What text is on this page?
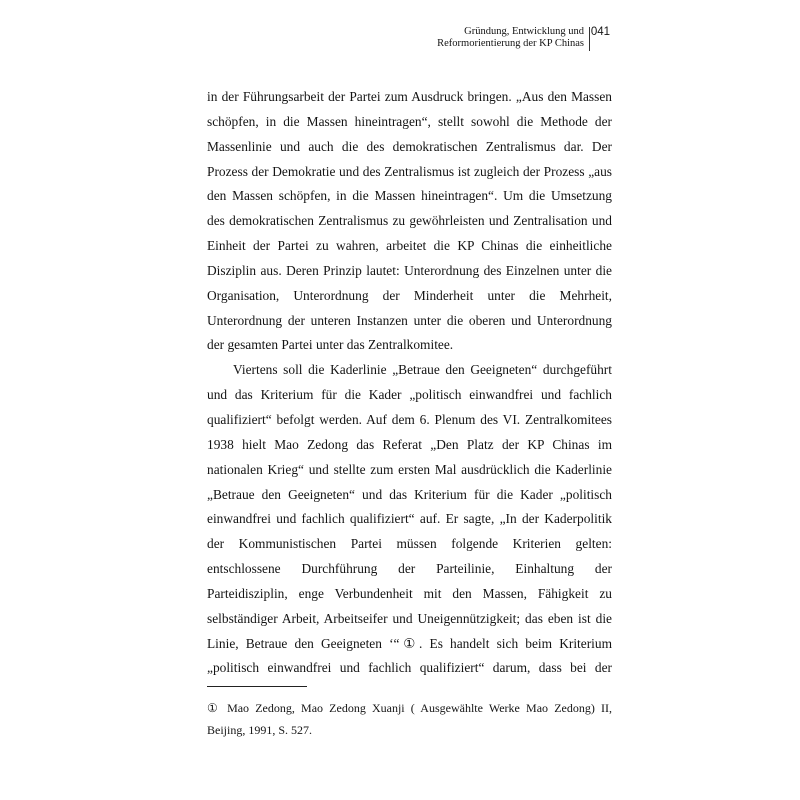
Gründung, Entwicklung und
Reformorientierung der KP Chinas
041
in der Führungsarbeit der Partei zum Ausdruck bringen. „Aus den Massen
schöpfen, in die Massen hineintragen“, stellt sowohl die Methode der
Massenlinie und auch die des demokratischen Zentralismus dar. Der
Prozess der Demokratie und des Zentralismus ist zugleich der Prozess „aus
den Massen schöpfen, in die Massen hineintragen“. Um die Umsetzung
des demokratischen Zentralismus zu gewöhrleisten und Zentralisation und
Einheit der Partei zu wahren, arbeitet die KP Chinas die einheitliche
Disziplin aus. Deren Prinzip lautet: Unterordnung des Einzelnen unter die
Organisation, Unterordnung der Minderheit unter die Mehrheit,
Unterordnung der unteren Instanzen unter die oberen und Unterordnung
der gesamten Partei unter das Zentralkomitee.
Viertens soll die Kaderlinie „Betraue den Geeigneten“ durchgeführt
und das Kriterium für die Kader „politisch einwandfrei und fachlich
qualifiziert“ befolgt werden. Auf dem 6. Plenum des VI. Zentralkomitees
1938 hielt Mao Zedong das Referat „Den Platz der KP Chinas im
nationalen Krieg“ und stellte zum ersten Mal ausdrücklich die Kaderlinie
„Betraue den Geeigneten“ und das Kriterium für die Kader „politisch
einwandfrei und fachlich qualifiziert“ auf. Er sagte, „In der Kaderpolitik
der Kommunistischen Partei müssen folgende Kriterien gelten:
entschlossene Durchführung der Parteilinie, Einhaltung der
Parteidisziplin, enge Verbundenheit mit den Massen, Fähigkeit zu
selbständiger Arbeit, Arbeitseifer und Uneigennützigkeit; das eben ist die
Linie, Betraue den Geeigneten ‘“①. Es handelt sich beim Kriterium
„politisch einwandfrei und fachlich qualifiziert“ darum, dass bei der
① Mao Zedong, Mao Zedong Xuanji ( Ausgewählte Werke Mao Zedong) II,
Beijing, 1991, S. 527.
